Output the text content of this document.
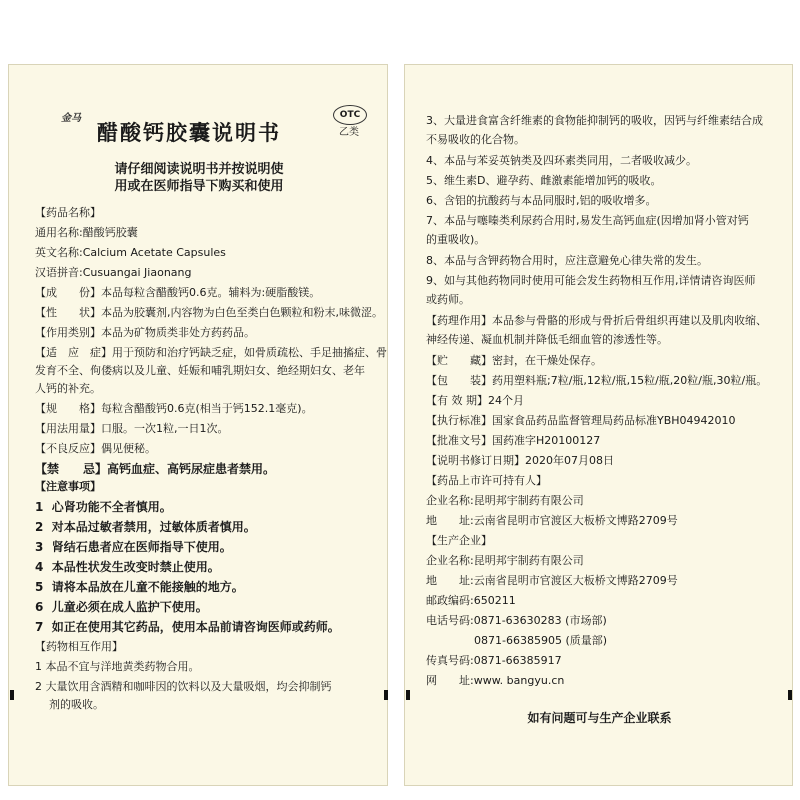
金马
醋酸钙胶囊说明书
OTC
乙类
请仔细阅读说明书并按说明使
用或在医师指导下购买和使用
【药品名称】
通用名称:醋酸钙胶囊
英文名称:Calcium Acetate Capsules
汉语拼音:Cusuangai Jiaonang
【成　　份】本品每粒含醋酸钙0.6克。辅料为:硬脂酸镁。
【性　　状】本品为胶囊剂,内容物为白色至类白色颗粒和粉末,味微涩。
【作用类别】本品为矿物质类非处方药药品。
【适　应　症】用于预防和治疗钙缺乏症，如骨质疏松、手足抽搐症、骨
发育不全、佝偻病以及儿童、妊娠和哺乳期妇女、绝经期妇女、老年
人钙的补充。
【规　　格】每粒含醋酸钙0.6克(相当于钙152.1毫克)。
【用法用量】口服。一次1粒,一日1次。
【不良反应】偶见便秘。
【禁　　忌】高钙血症、高钙尿症患者禁用。
【注意事项】
1 心肾功能不全者慎用。
2 对本品过敏者禁用，过敏体质者慎用。
3 肾结石患者应在医师指导下使用。
4 本品性状发生改变时禁止使用。
5 请将本品放在儿童不能接触的地方。
6 儿童必须在成人监护下使用。
7 如正在使用其它药品，使用本品前请咨询医师或药师。
【药物相互作用】
1 本品不宜与洋地黄类药物合用。
2 大量饮用含酒精和咖啡因的饮料以及大量吸烟，均会抑制钙
剂的吸收。
3、大量进食富含纤维素的食物能抑制钙的吸收，因钙与纤维素结合成
不易吸收的化合物。
4、本品与苯妥英钠类及四环素类同用，二者吸收减少。
5、维生素D、避孕药、雌激素能增加钙的吸收。
6、含铝的抗酸药与本品同服时,铝的吸收增多。
7、本品与噻嗪类利尿药合用时,易发生高钙血症(因增加肾小管对钙
的重吸收)。
8、本品与含钾药物合用时，应注意避免心律失常的发生。
9、如与其他药物同时使用可能会发生药物相互作用,详情请咨询医师
或药师。
【药理作用】本品参与骨骼的形成与骨折后骨组织再建以及肌肉收缩、
神经传递、凝血机制并降低毛细血管的渗透性等。
【贮　　藏】密封，在干燥处保存。
【包　　装】药用塑料瓶;7粒/瓶,12粒/瓶,15粒/瓶,20粒/瓶,30粒/瓶。
【有 效 期】24个月
【执行标准】国家食品药品监督管理局药品标准YBH04942010
【批准文号】国药准字H20100127
【说明书修订日期】2020年07月08日
【药品上市许可持有人】
企业名称:昆明邦宇制药有限公司
地　　址:云南省昆明市官渡区大板桥文博路2709号
【生产企业】
企业名称:昆明邦宇制药有限公司
地　　址:云南省昆明市官渡区大板桥文博路2709号
邮政编码:650211
电话号码:0871-63630283 (市场部)
0871-66385905 (质量部)
传真号码:0871-66385917
网　　址:www. bangyu.cn
如有问题可与生产企业联系
